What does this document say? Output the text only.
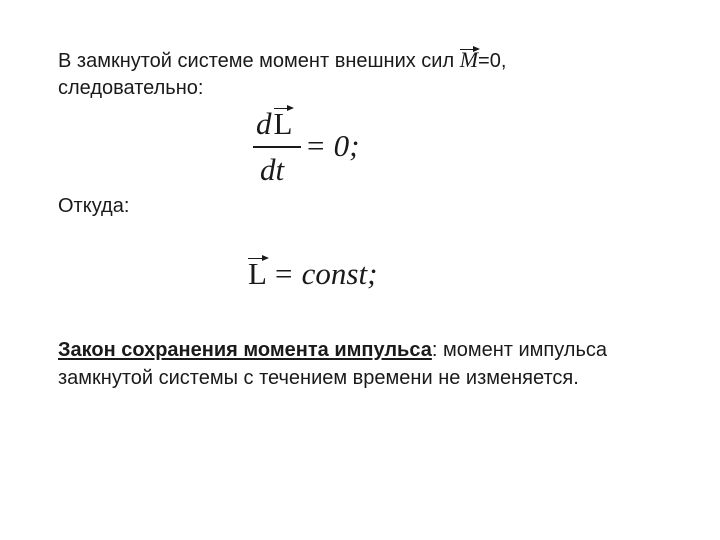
В замкнутой системе момент внешних сил M=0,
следовательно:
dL
dt
= 0;
Откуда:
L = const;
Закон сохранения момента импульса: момент импульса
замкнутой системы с течением времени не изменяется.
